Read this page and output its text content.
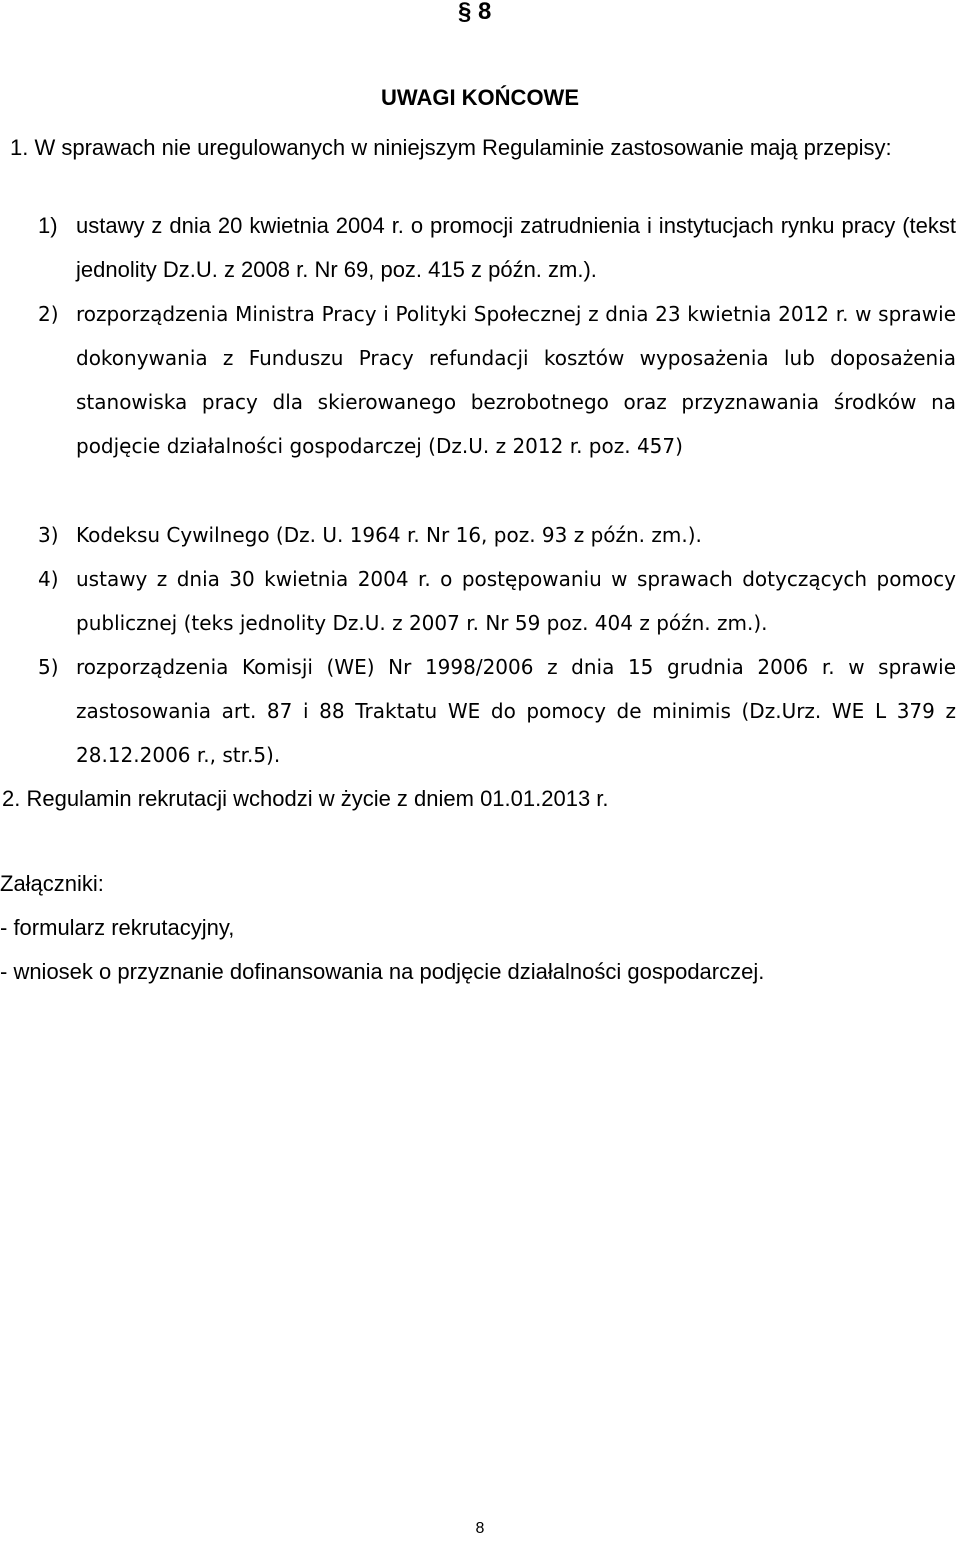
§ 8
UWAGI KOŃCOWE
1. W sprawach nie uregulowanych w niniejszym Regulaminie zastosowanie mają przepisy:
1) ustawy z dnia 20 kwietnia 2004 r. o promocji zatrudnienia i instytucjach rynku pracy (tekst jednolity Dz.U. z 2008 r. Nr 69, poz. 415 z późn. zm.).
2) rozporządzenia Ministra Pracy i Polityki Społecznej z dnia 23 kwietnia 2012 r. w sprawie dokonywania z Funduszu Pracy refundacji kosztów wyposażenia lub doposażenia stanowiska pracy dla skierowanego bezrobotnego oraz przyznawania środków na podjęcie działalności gospodarczej (Dz.U. z 2012 r. poz. 457)
3) Kodeksu Cywilnego (Dz. U. 1964 r. Nr 16, poz. 93 z późn. zm.).
4) ustawy z dnia 30 kwietnia 2004 r. o postępowaniu w sprawach dotyczących pomocy publicznej (teks jednolity Dz.U. z 2007 r. Nr 59 poz. 404 z późn. zm.).
5) rozporządzenia Komisji (WE) Nr 1998/2006 z dnia 15 grudnia 2006 r. w sprawie zastosowania art. 87 i 88 Traktatu WE do pomocy de minimis (Dz.Urz. WE L 379 z 28.12.2006 r., str.5).
2. Regulamin rekrutacji wchodzi w życie z dniem 01.01.2013 r.
Załączniki:
- formularz rekrutacyjny,
- wniosek o przyznanie dofinansowania na podjęcie działalności gospodarczej.
8
